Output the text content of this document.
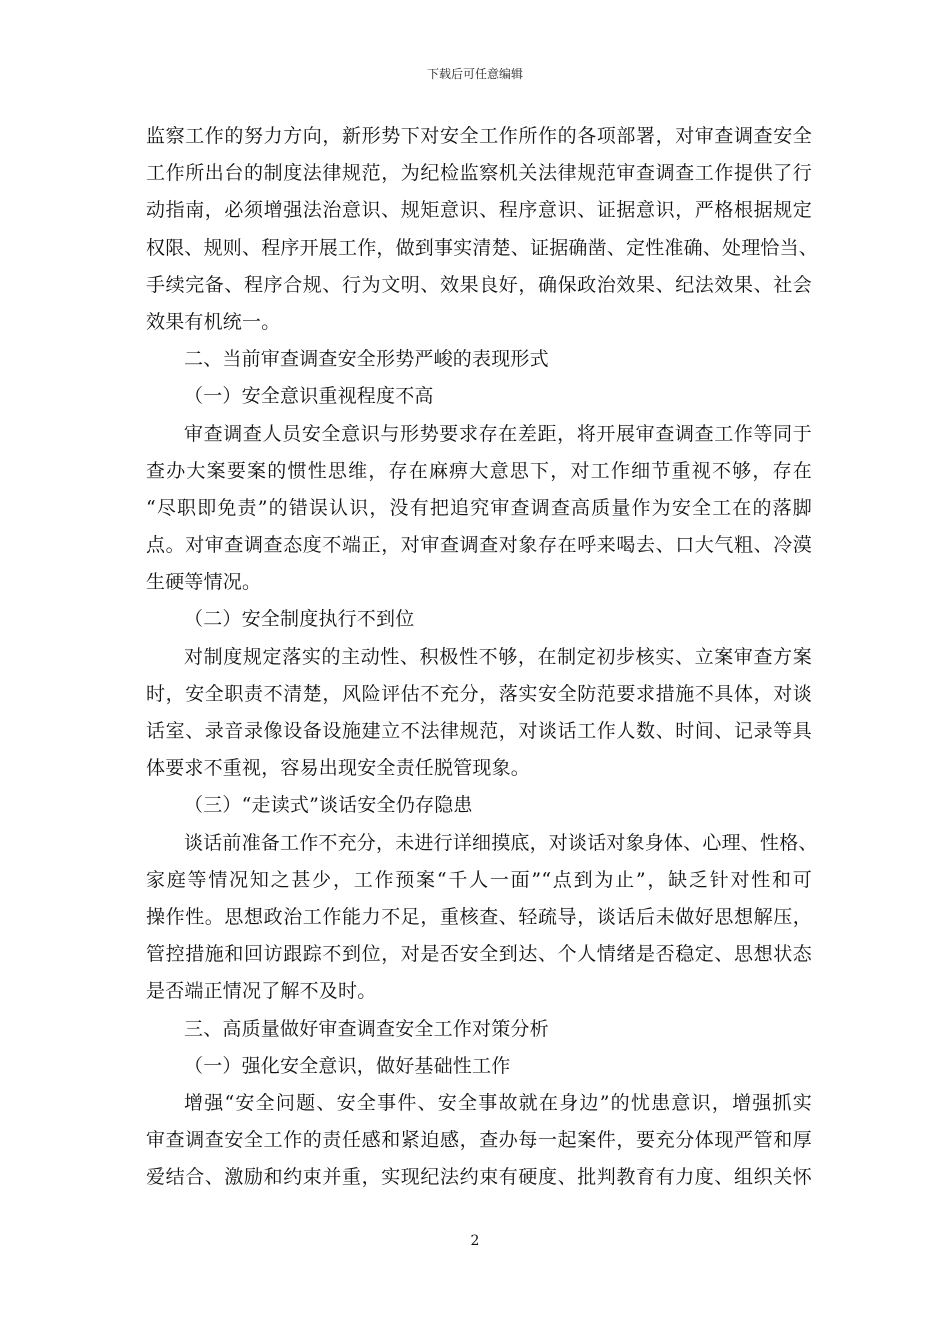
下载后可任意编辑
监察工作的努力方向，新形势下对安全工作所作的各项部署，对审查调查安全
工作所出台的制度法律规范，为纪检监察机关法律规范审查调查工作提供了行
动指南，必须增强法治意识、规矩意识、程序意识、证据意识，严格根据规定
权限、规则、程序开展工作，做到事实清楚、证据确凿、定性准确、处理恰当、
手续完备、程序合规、行为文明、效果良好，确保政治效果、纪法效果、社会
效果有机统一。
二、当前审查调查安全形势严峻的表现形式
（一）安全意识重视程度不高
审查调查人员安全意识与形势要求存在差距，将开展审查调查工作等同于
查办大案要案的惯性思维，存在麻痹大意思下，对工作细节重视不够，存在
“尽职即免责”的错误认识，没有把追究审查调查高质量作为安全工在的落脚
点。对审查调查态度不端正，对审查调查对象存在呼来喝去、口大气粗、冷漠
生硬等情况。
（二）安全制度执行不到位
对制度规定落实的主动性、积极性不够，在制定初步核实、立案审查方案
时，安全职责不清楚，风险评估不充分，落实安全防范要求措施不具体，对谈
话室、录音录像设备设施建立不法律规范，对谈话工作人数、时间、记录等具
体要求不重视，容易出现安全责任脱管现象。
（三）“走读式”谈话安全仍存隐患
谈话前准备工作不充分，未进行详细摸底，对谈话对象身体、心理、性格、
家庭等情况知之甚少，工作预案“千人一面”“点到为止”，缺乏针对性和可
操作性。思想政治工作能力不足，重核查、轻疏导，谈话后未做好思想解压，
管控措施和回访跟踪不到位，对是否安全到达、个人情绪是否稳定、思想状态
是否端正情况了解不及时。
三、高质量做好审查调查安全工作对策分析
（一）强化安全意识，做好基础性工作
增强“安全问题、安全事件、安全事故就在身边”的忧患意识，增强抓实
审查调查安全工作的责任感和紧迫感，查办每一起案件，要充分体现严管和厚
爱结合、激励和约束并重，实现纪法约束有硬度、批判教育有力度、组织关怀
2
